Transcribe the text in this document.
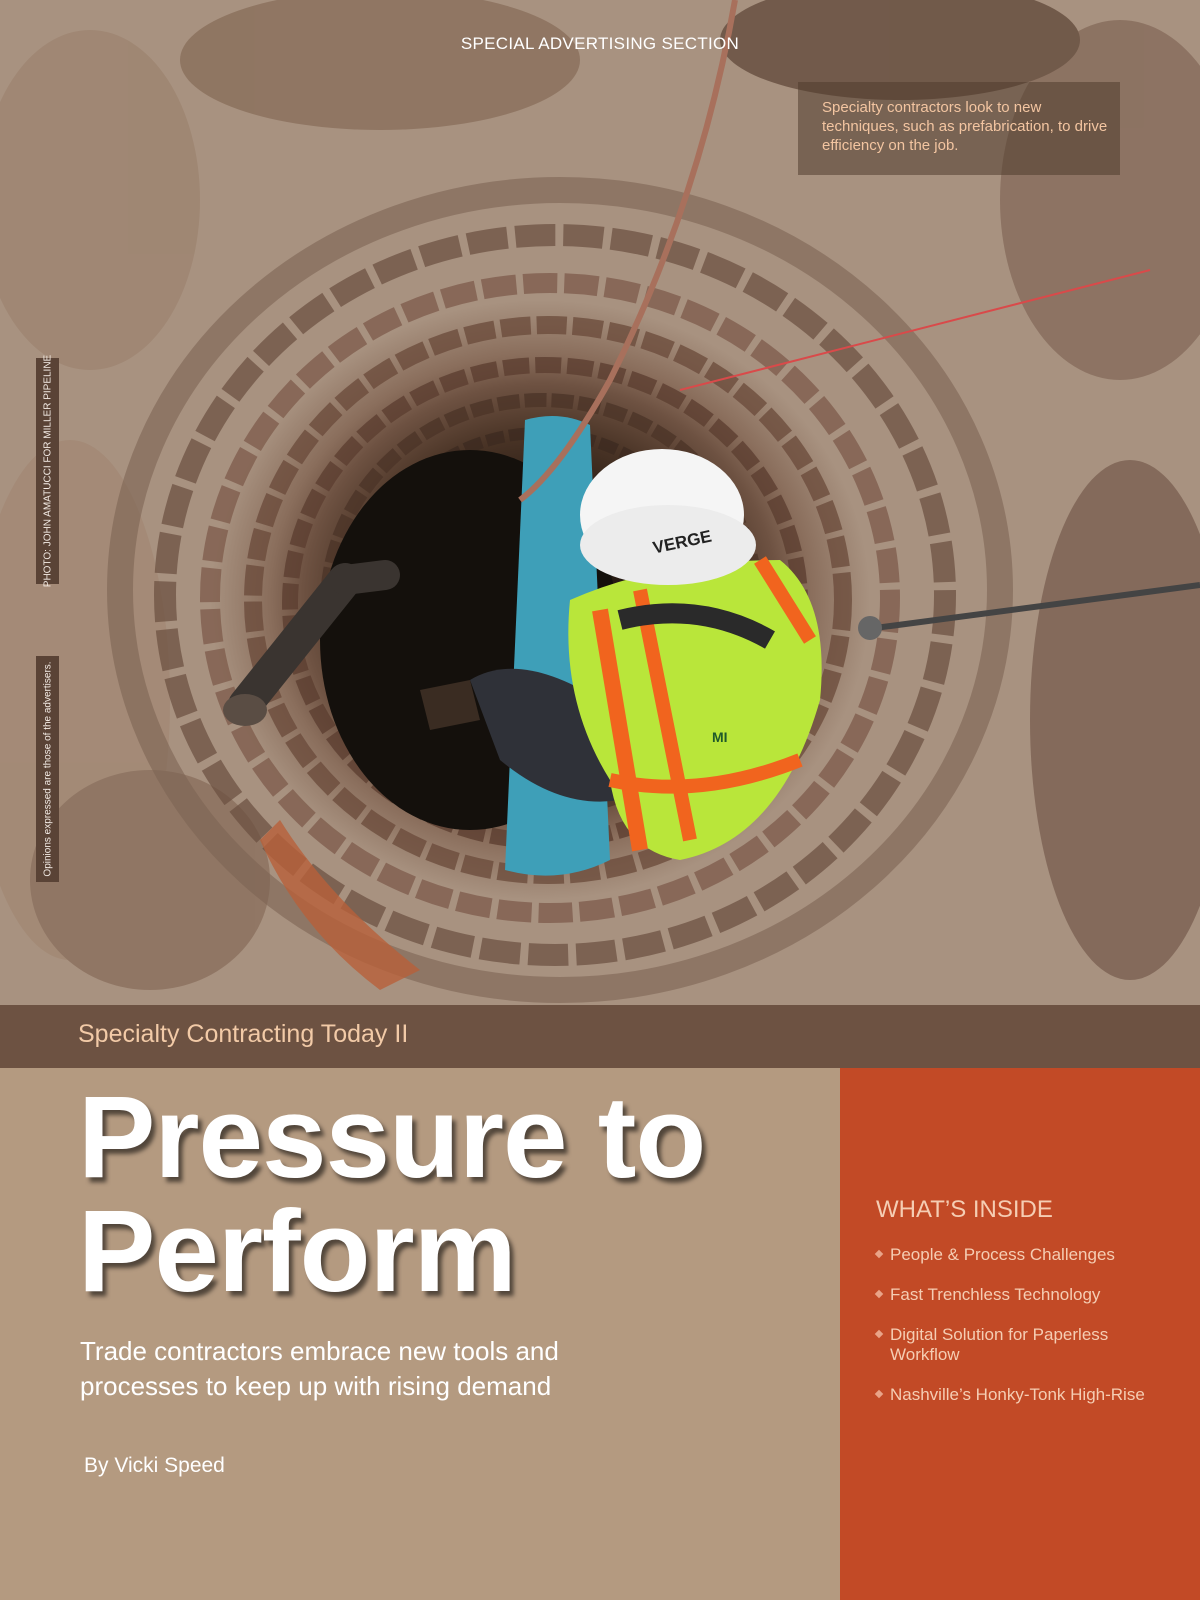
VERGE
MI
SPECIAL ADVERTISING SECTION
Specialty contractors look to new techniques, such as prefabrication, to drive efficiency on the job.
PHOTO: JOHN AMATUCCI FOR MILLER PIPELINE
Opinions expressed are those of the advertisers.
Specialty Contracting Today II
Pressure to Perform

Trade contractors embrace new tools and processes to keep up with rising demand

By Vicki Speed
WHAT’S INSIDE
People & Process Challenges
Fast Trenchless Technology
Digital Solution for Paperless Workflow
Nashville’s Honky-Tonk High-Rise
